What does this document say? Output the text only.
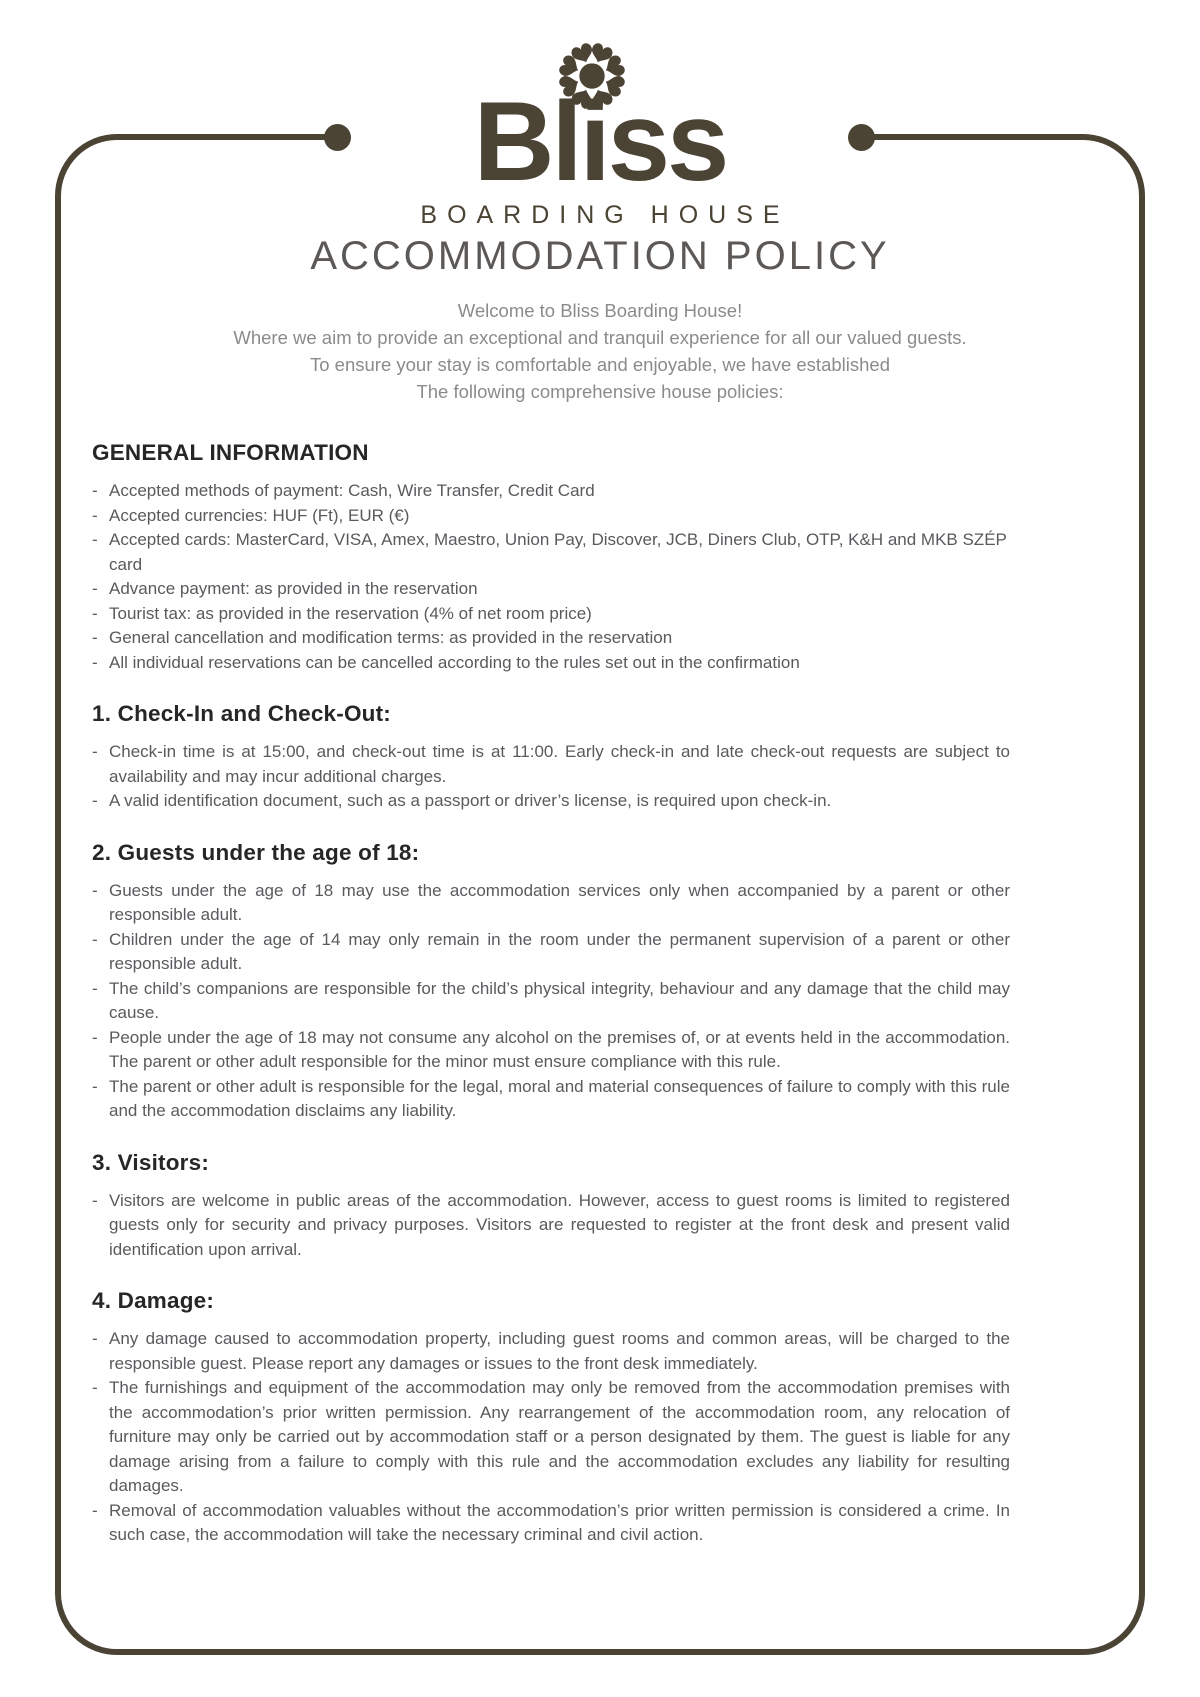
Bliss
BOARDING HOUSE
ACCOMMODATION POLICY
Welcome to Bliss Boarding House!
Where we aim to provide an exceptional and tranquil experience for all our valued guests.
To ensure your stay is comfortable and enjoyable, we have established
The following comprehensive house policies:
GENERAL INFORMATION
- Accepted methods of payment: Cash, Wire Transfer, Credit Card
- Accepted currencies: HUF (Ft), EUR (€)
- Accepted cards: MasterCard, VISA, Amex, Maestro, Union Pay, Discover, JCB, Diners Club, OTP, K&H and MKB SZÉP card
- Advance payment: as provided in the reservation
- Tourist tax: as provided in the reservation (4% of net room price)
- General cancellation and modification terms: as provided in the reservation
- All individual reservations can be cancelled according to the rules set out in the confirmation
1. Check-In and Check-Out:
- Check-in time is at 15:00, and check-out time is at 11:00. Early check-in and late check-out requests are subject to availability and may incur additional charges.
- A valid identification document, such as a passport or driver’s license, is required upon check-in.
2. Guests under the age of 18:
- Guests under the age of 18 may use the accommodation services only when accompanied by a parent or other responsible adult.
- Children under the age of 14 may only remain in the room under the permanent supervision of a parent or other responsible adult.
- The child’s companions are responsible for the child’s physical integrity, behaviour and any damage that the child may cause.
- People under the age of 18 may not consume any alcohol on the premises of, or at events held in the accommodation. The parent or other adult responsible for the minor must ensure compliance with this rule.
- The parent or other adult is responsible for the legal, moral and material consequences of failure to comply with this rule and the accommodation disclaims any liability.
3. Visitors:
- Visitors are welcome in public areas of the accommodation. However, access to guest rooms is limited to registered guests only for security and privacy purposes. Visitors are requested to register at the front desk and present valid identification upon arrival.
4. Damage:
- Any damage caused to accommodation property, including guest rooms and common areas, will be charged to the responsible guest. Please report any damages or issues to the front desk immediately.
- The furnishings and equipment of the accommodation may only be removed from the accommodation premises with the accommodation’s prior written permission. Any rearrangement of the accommodation room, any relocation of furniture may only be carried out by accommodation staff or a person designated by them. The guest is liable for any damage arising from a failure to comply with this rule and the accommodation excludes any liability for resulting damages.
- Removal of accommodation valuables without the accommodation’s prior written permission is considered a crime. In such case, the accommodation will take the necessary criminal and civil action.
